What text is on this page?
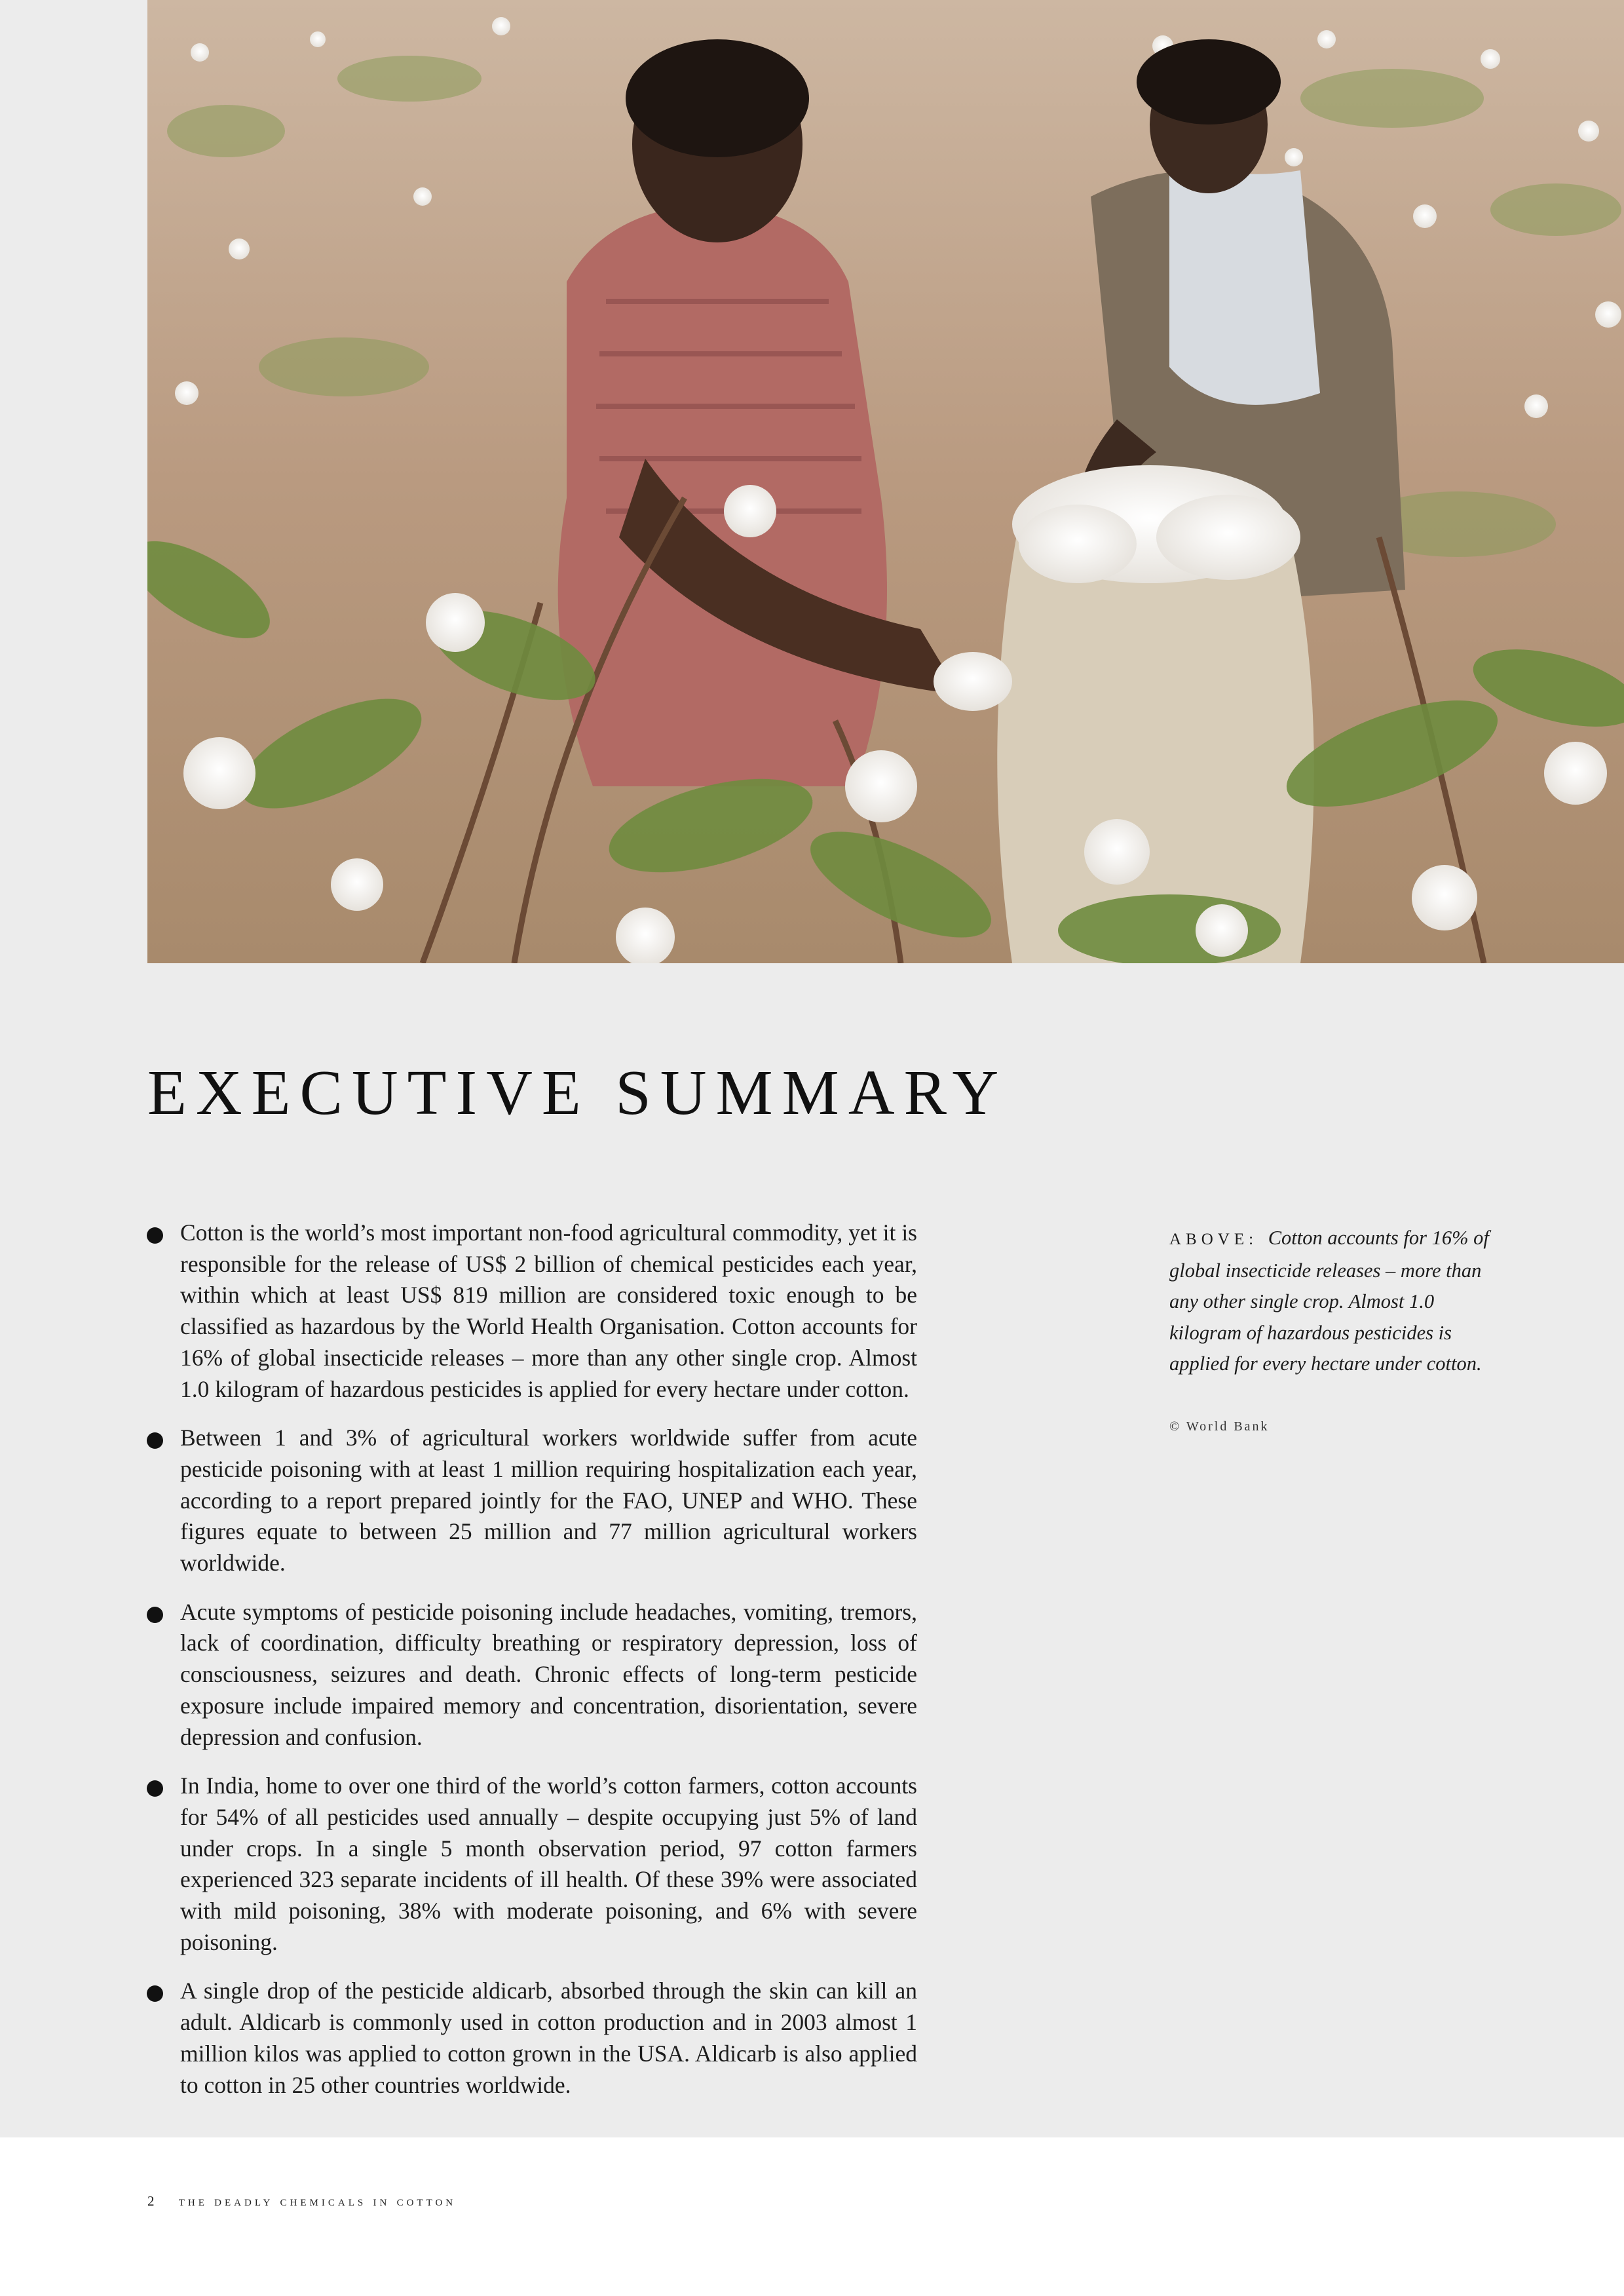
EXECUTIVE SUMMARY
Cotton is the world’s most important non-food agricultural commodity, yet it is responsible for the release of US$ 2 billion of chemical pesticides each year, within which at least US$ 819 million are considered toxic enough to be classified as hazardous by the World Health Organisation. Cotton accounts for 16% of global insecticide releases – more than any other single crop. Almost 1.0 kilogram of hazardous pesticides is applied for every hectare under cotton.
Between 1 and 3% of agricultural workers worldwide suffer from acute pesticide poisoning with at least 1 million requiring hospitalization each year, according to a report prepared jointly for the FAO, UNEP and WHO. These figures equate to between 25 million and 77 million agricultural workers worldwide.
Acute symptoms of pesticide poisoning include headaches, vomiting, tremors, lack of coordination, difficulty breathing or respiratory depression, loss of consciousness, seizures and death. Chronic effects of long-term pesticide exposure include impaired memory and concentration, disorientation, severe depression and confusion.
In India, home to over one third of the world’s cotton farmers, cotton accounts for 54% of all pesticides used annually – despite occupying just 5% of land under crops. In a single 5 month observation period, 97 cotton farmers experienced 323 separate incidents of ill health. Of these 39% were associated with mild poisoning, 38% with moderate poisoning, and 6% with severe poisoning.
A single drop of the pesticide aldicarb, absorbed through the skin can kill an adult. Aldicarb is commonly used in cotton production and in 2003 almost 1 million kilos was applied to cotton grown in the USA. Aldicarb is also applied to cotton in 25 other countries worldwide.
ABOVE: Cotton accounts for 16% of global insecticide releases – more than any other single crop. Almost 1.0 kilogram of hazardous pesticides is applied for every hectare under cotton.
© World Bank
2 the deadly chemicals in cotton
